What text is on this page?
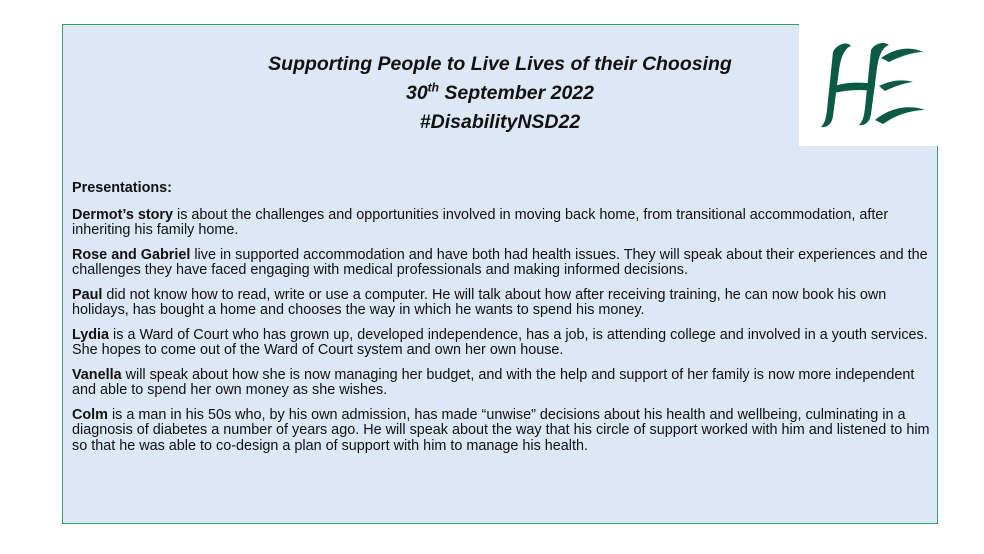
Supporting People to Live Lives of their Choosing
30th September 2022
#DisabilityNSD22

Presentations:

Dermot’s story is about the challenges and opportunities involved in moving back home, from transitional accommodation, after inheriting his family home.

Rose and Gabriel live in supported accommodation and have both had health issues. They will speak about their experiences and the challenges they have faced engaging with medical professionals and making informed decisions.

Paul did not know how to read, write or use a computer. He will talk about how after receiving training, he can now book his own holidays, has bought a home and chooses the way in which he wants to spend his money.

Lydia is a Ward of Court who has grown up, developed independence, has a job, is attending college and involved in a youth services. She hopes to come out of the Ward of Court system and own her own house.

Vanella will speak about how she is now managing her budget, and with the help and support of her family is now more independent and able to spend her own money as she wishes.

Colm is a man in his 50s who, by his own admission, has made “unwise” decisions about his health and wellbeing, culminating in a diagnosis of diabetes a number of years ago. He will speak about the way that his circle of support worked with him and listened to him so that he was able to co-design a plan of support with him to manage his health.
